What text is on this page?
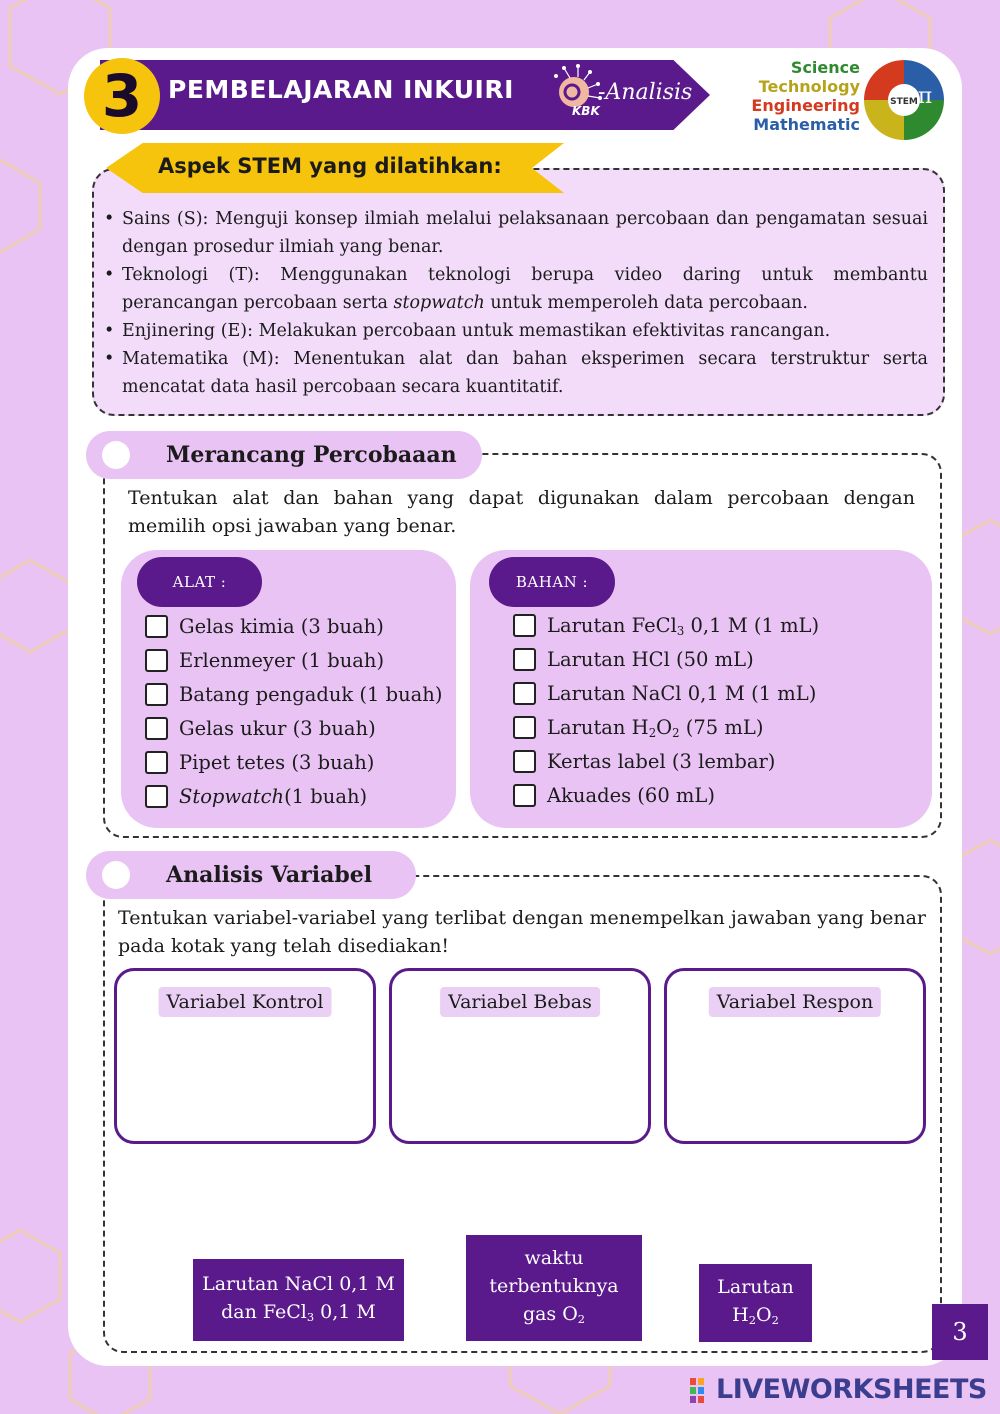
3	PEMBELAJARAN INKUIRI
KBK
-Analisis
Science
Technology
Engineering
Mathematic
STEM π
Aspek STEM yang dilatihkan:
• Sains (S): Menguji konsep ilmiah melalui pelaksanaan percobaan dan pengamatan sesuai dengan prosedur ilmiah yang benar.
• Teknologi (T): Menggunakan teknologi berupa video daring untuk membantu perancangan percobaan serta stopwatch untuk memperoleh data percobaan.
• Enjinering (E): Melakukan percobaan untuk memastikan efektivitas rancangan.
• Matematika (M): Menentukan alat dan bahan eksperimen secara terstruktur serta mencatat data hasil percobaan secara kuantitatif.
Merancang Percobaaan
Tentukan alat dan bahan yang dapat digunakan dalam percobaan dengan memilih opsi jawaban yang benar.
ALAT :
Gelas kimia (3 buah)
Erlenmeyer (1 buah)
Batang pengaduk (1 buah)
Gelas ukur (3 buah)
Pipet tetes (3 buah)
Stopwatch (1 buah)
BAHAN :
Larutan FeCl$_3$ 0,1 M (1 mL)
Larutan HCl (50 mL)
Larutan NaCl 0,1 M (1 mL)
Larutan $H_2O_2$ (75 mL)
Kertas label (3 lembar)
Akuades (60 mL)
Analisis Variabel
Tentukan variabel-variabel yang terlibat dengan menempelkan jawaban yang benar pada kotak yang telah disediakan!
Variabel Kontrol	Variabel Bebas	Variabel Respon
Larutan NaCl 0,1 M
dan FeCl$_3$ 0,1 M
waktu
terbentuknya
gas $O_2$
Larutan
$H_2O_2$	3
LIVEWORKSHEETS
